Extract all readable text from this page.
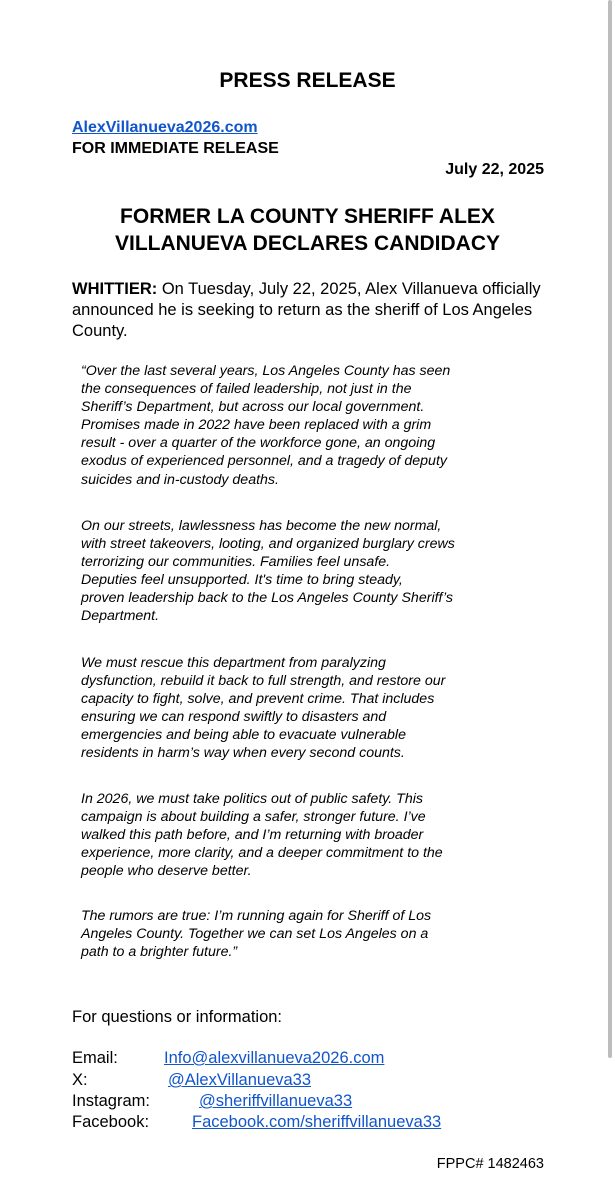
PRESS RELEASE
AlexVillanueva2026.com
FOR IMMEDIATE RELEASE
July 22, 2025
FORMER LA COUNTY SHERIFF ALEX
VILLANUEVA DECLARES CANDIDACY
WHITTIER: On Tuesday, July 22, 2025, Alex Villanueva officially announced he is seeking to return as the sheriff of Los Angeles County.
“Over the last several years, Los Angeles County has seen
the consequences of failed leadership, not just in the
Sheriff’s Department, but across our local government.
Promises made in 2022 have been replaced with a grim
result - over a quarter of the workforce gone, an ongoing
exodus of experienced personnel, and a tragedy of deputy
suicides and in-custody deaths.
On our streets, lawlessness has become the new normal,
with street takeovers, looting, and organized burglary crews
terrorizing our communities. Families feel unsafe.
Deputies feel unsupported. It's time to bring steady,
proven leadership back to the Los Angeles County Sheriff’s
Department.
We must rescue this department from paralyzing
dysfunction, rebuild it back to full strength, and restore our
capacity to fight, solve, and prevent crime. That includes
ensuring we can respond swiftly to disasters and
emergencies and being able to evacuate vulnerable
residents in harm’s way when every second counts.
In 2026, we must take politics out of public safety. This
campaign is about building a safer, stronger future. I’ve
walked this path before, and I’m returning with broader
experience, more clarity, and a deeper commitment to the
people who deserve better.
The rumors are true: I’m running again for Sheriff of Los
Angeles County. Together we can set Los Angeles on a
path to a brighter future.”
For questions or information:
Email:	Info@alexvillanueva2026.com
X:	@AlexVillanueva33
Instagram:	@sheriffvillanueva33
Facebook:	Facebook.com/sheriffvillanueva33
FPPC# 1482463
